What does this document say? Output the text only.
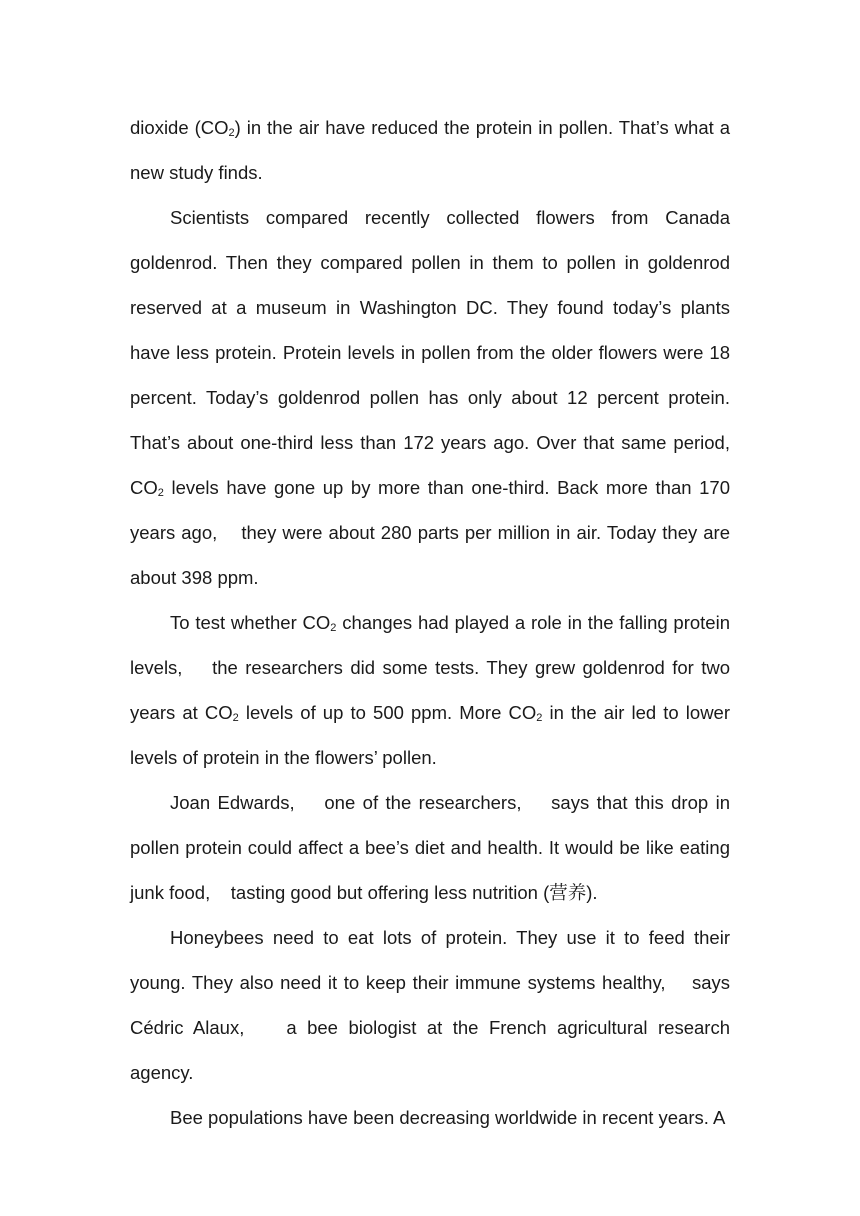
dioxide $(CO_2)$ in the air have reduced the protein in pollen. That’s what a new study finds.

Scientists compared recently collected flowers from Canada goldenrod. Then they compared pollen in them to pollen in goldenrod reserved at a museum in Washington DC. They found today’s plants have less protein. Protein levels in pollen from the older flowers were 18 percent. Today’s goldenrod pollen has only about 12 percent protein. That’s about one-third less than 172 years ago. Over that same period, $CO_2$ levels have gone up by more than one-third. Back more than 170 years ago,    they were about 280 parts per million in air. Today they are about 398 ppm.

To test whether $CO_2$ changes had played a role in the falling protein levels,    the researchers did some tests. They grew goldenrod for two years at $CO_2$ levels of up to 500 ppm. More $CO_2$ in the air led to lower levels of protein in the flowers’ pollen.

Joan Edwards,    one of the researchers,    says that this drop in pollen protein could affect a bee’s diet and health. It would be like eating junk food,    tasting good but offering less nutrition (营养).

Honeybees need to eat lots of protein. They use it to feed their young. They also need it to keep their immune systems healthy,    says Cédric Alaux,    a bee biologist at the French agricultural research agency.

Bee populations have been decreasing worldwide in recent years. A
